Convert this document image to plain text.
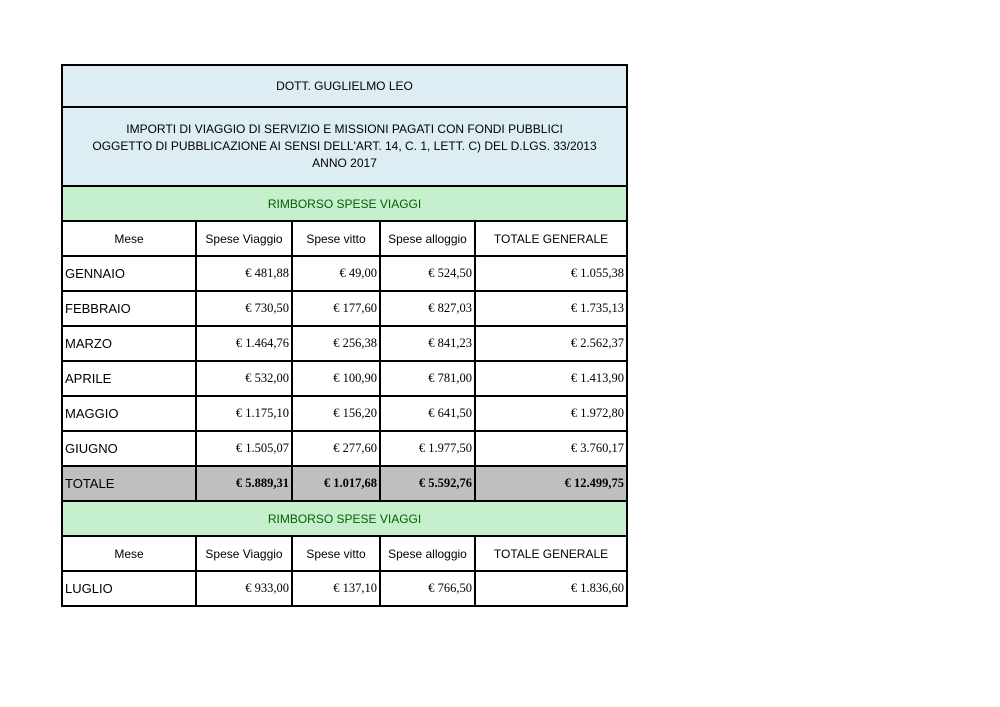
DOTT. GUGLIELMO LEO				

IMPORTI DI VIAGGIO DI SERVIZIO E MISSIONI PAGATI CON FONDI PUBBLICI
OGGETTO DI PUBBLICAZIONE AI SENSI DELL'ART. 14, C. 1, LETT. C) DEL D.LGS. 33/2013
ANNO 2017				

RIMBORSO SPESE VIAGGI				
Mese	Spese Viaggio	Spese vitto	Spese alloggio	TOTALE GENERALE
GENNAIO	€ 481,88	€ 49,00	€ 524,50	€ 1.055,38
FEBBRAIO	€ 730,50	€ 177,60	€ 827,03	€ 1.735,13
MARZO	€ 1.464,76	€ 256,38	€ 841,23	€ 2.562,37
APRILE	€ 532,00	€ 100,90	€ 781,00	€ 1.413,90
MAGGIO	€ 1.175,10	€ 156,20	€ 641,50	€ 1.972,80
GIUGNO	€ 1.505,07	€ 277,60	€ 1.977,50	€ 3.760,17
TOTALE	€ 5.889,31	€ 1.017,68	€ 5.592,76	€ 12.499,75
RIMBORSO SPESE VIAGGI				
Mese	Spese Viaggio	Spese vitto	Spese alloggio	TOTALE GENERALE
LUGLIO	€ 933,00	€ 137,10	€ 766,50	€ 1.836,60
